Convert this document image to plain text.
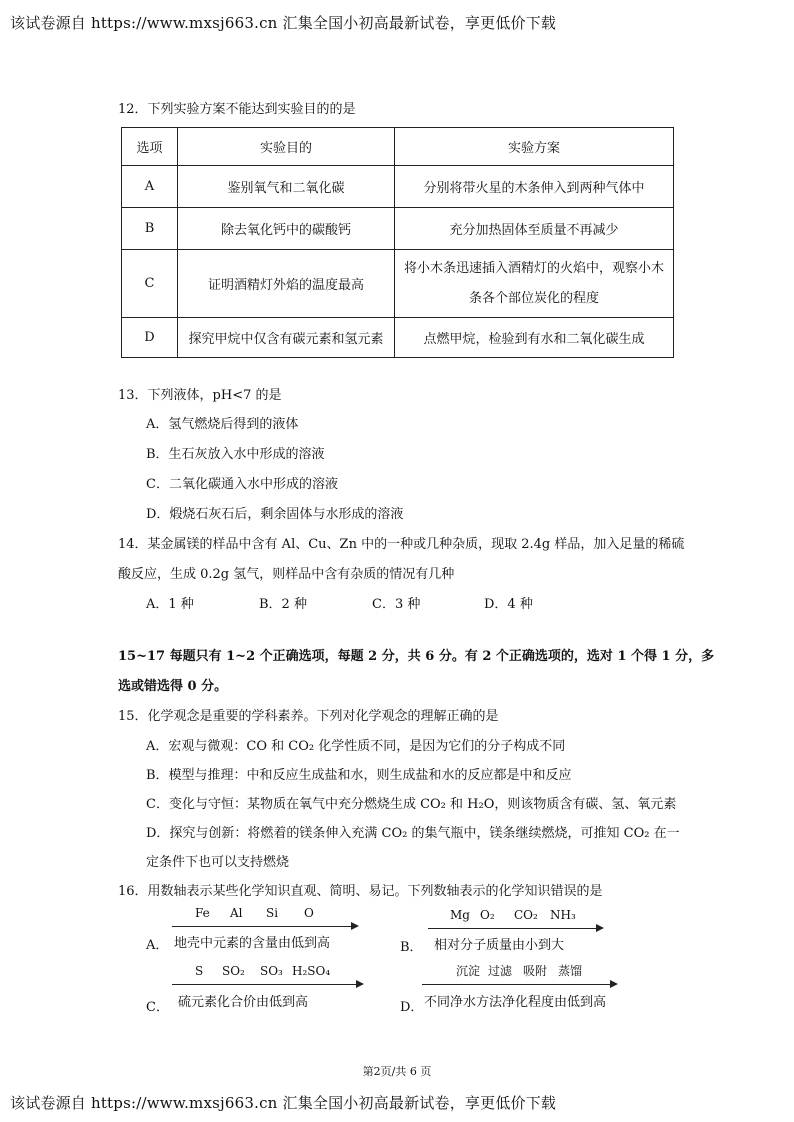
该试卷源自 https://www.mxsj663.cn 汇集全国小初高最新试卷，享更低价下载
12．下列实验方案不能达到实验目的的是
选项	实验目的	实验方案
A	鉴别氧气和二氧化碳	分别将带火星的木条伸入到两种气体中
B	除去氧化钙中的碳酸钙	充分加热固体至质量不再减少
C	证明酒精灯外焰的温度最高	将小木条迅速插入酒精灯的火焰中，观察小木条各个部位炭化的程度
D	探究甲烷中仅含有碳元素和氢元素	点燃甲烷，检验到有水和二氧化碳生成
13．下列液体，pH<7 的是
A．氢气燃烧后得到的液体
B．生石灰放入水中形成的溶液
C．二氧化碳通入水中形成的溶液
D．煅烧石灰石后，剩余固体与水形成的溶液
14．某金属镁的样品中含有 Al、Cu、Zn 中的一种或几种杂质，现取 2.4g 样品，加入足量的稀硫
酸反应，生成 0.2g 氢气，则样品中含有杂质的情况有几种
A．1 种	B．2 种	C．3 种	D．4 种
15~17 每题只有 1~2 个正确选项，每题 2 分，共 6 分。有 2 个正确选项的，选对 1 个得 1 分，多
选或错选得 0 分。
15．化学观念是重要的学科素养。下列对化学观念的理解正确的是
A．宏观与微观：CO 和 CO₂ 化学性质不同，是因为它们的分子构成不同
B．模型与推理：中和反应生成盐和水，则生成盐和水的反应都是中和反应
C．变化与守恒：某物质在氧气中充分燃烧生成 CO₂ 和 H₂O，则该物质含有碳、氢、氧元素
D．探究与创新：将燃着的镁条伸入充满 CO₂ 的集气瓶中，镁条继续燃烧，可推知 CO₂ 在一
定条件下也可以支持燃烧
16．用数轴表示某些化学知识直观、简明、易记。下列数轴表示的化学知识错误的是
Fe Al Si O
A． 地壳中元素的含量由低到高
Mg O₂ CO₂ NH₃
B． 相对分子质量由小到大
S SO₂ SO₃ H₂SO₄
C． 硫元素化合价由低到高
沉淀 过滤 吸附 蒸馏
D． 不同净水方法净化程度由低到高
第2页/共 6 页
该试卷源自 https://www.mxsj663.cn 汇集全国小初高最新试卷，享更低价下载
